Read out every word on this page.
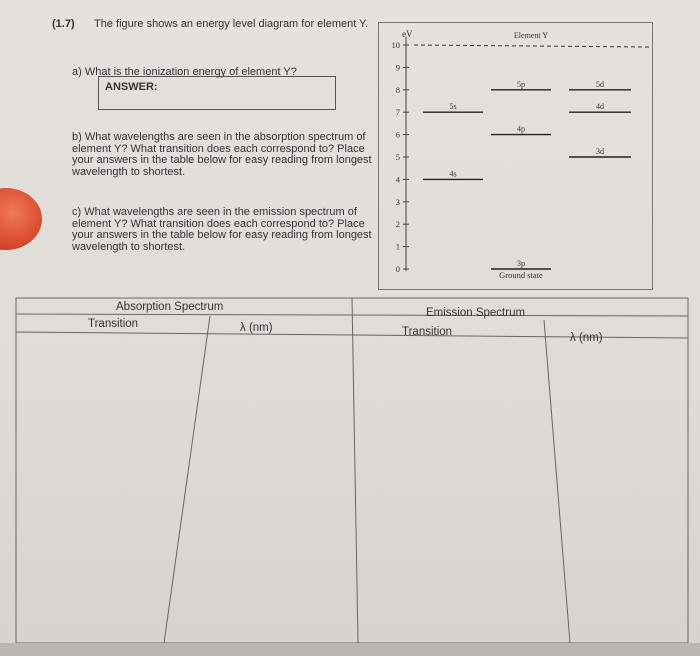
(1.7) The figure shows an energy level diagram for element Y.
a) What is the ionization energy of element Y?
ANSWER:
b) What wavelengths are seen in the absorption spectrum of element Y? What transition does each correspond to? Place your answers in the table below for easy reading from longest wavelength to shortest.
c) What wavelengths are seen in the emission spectrum of element Y? What transition does each correspond to? Place your answers in the table below for easy reading from longest wavelength to shortest.
eV	Element Y
0
1
2
3
4
5
6
7
8
9
10
3p
Ground state
4s
5s
4p
5p
3d
4d
5d
Absorption Spectrum	Emission Spectrum
Transition	λ (nm)	Transition	λ (nm)
